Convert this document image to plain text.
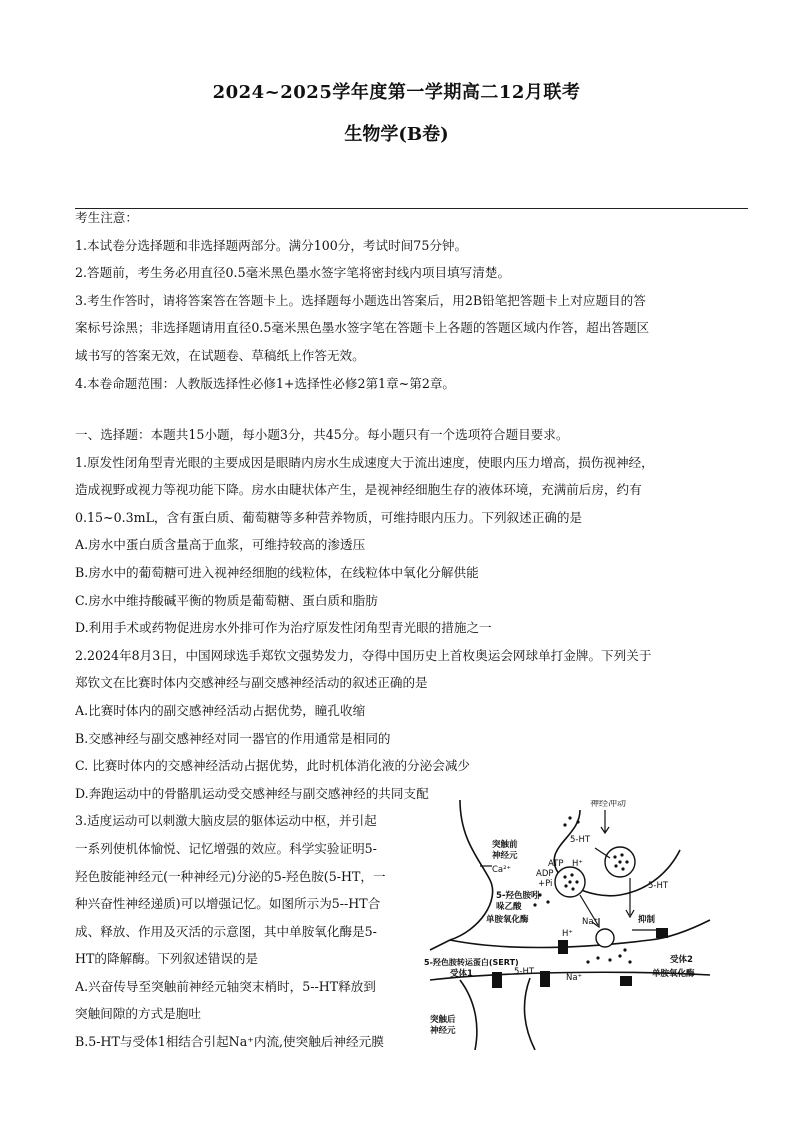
2024~2025学年度第一学期高二12月联考
生物学(B卷)
考生注意：
1.本试卷分选择题和非选择题两部分。满分100分，考试时间75分钟。
2.答题前，考生务必用直径0.5毫米黑色墨水签字笔将密封线内项目填写清楚。
3.考生作答时，请将答案答在答题卡上。选择题每小题选出答案后，用2B铅笔把答题卡上对应题目的答
案标号涂黑；非选择题请用直径0.5毫米黑色墨水签字笔在答题卡上各题的答题区域内作答，超出答题区
域书写的答案无效，在试题卷、草稿纸上作答无效。
4.本卷命题范围：人教版选择性必修1+选择性必修2第1章~第2章。
一、选择题：本题共15小题，每小题3分，共45分。每小题只有一个选项符合题目要求。
1.原发性闭角型青光眼的主要成因是眼睛内房水生成速度大于流出速度，使眼内压力增高，损伤视神经，
造成视野或视力等视功能下降。房水由睫状体产生，是视神经细胞生存的液体环境，充满前后房，约有
0.15~0.3mL，含有蛋白质、葡萄糖等多种营养物质，可维持眼内压力。下列叙述正确的是
A.房水中蛋白质含量高于血浆，可维持较高的渗透压
B.房水中的葡萄糖可进入视神经细胞的线粒体，在线粒体中氧化分解供能
C.房水中维持酸碱平衡的物质是葡萄糖、蛋白质和脂肪
D.利用手术或药物促进房水外排可作为治疗原发性闭角型青光眼的措施之一
2.2024年8月3日，中国网球选手郑钦文强势发力，夺得中国历史上首枚奥运会网球单打金牌。下列关于
郑钦文在比赛时体内交感神经与副交感神经活动的叙述正确的是
A.比赛时体内的副交感神经活动占据优势，瞳孔收缩
B.交感神经与副交感神经对同一器官的作用通常是相同的
C. 比赛时体内的交感神经活动占据优势，此时机体消化液的分泌会减少
D.奔跑运动中的骨骼肌运动受交感神经与副交感神经的共同支配
3.适度运动可以刺激大脑皮层的躯体运动中枢，并引起
一系列使机体愉悦、记忆增强的效应。科学实验证明5-
羟色胺能神经元(一种神经元)分泌的5-羟色胺(5-HT，一
种兴奋性神经递质)可以增强记忆。如图所示为5--HT合
成、释放、作用及灭活的示意图，其中单胺氧化酶是5-
HT的降解酶。下列叙述错误的是
A.兴奋传导至突触前神经元轴突末梢时，5--HT释放到
突触间隙的方式是胞吐
B.5-HT与受体1相结合引起Na⁺内流,使突触后神经元膜
神经冲动
突触前
神经元
5-HT
Ca²⁺
ATP H⁺
ADP
+Pi	5-HT
5-羟色胺吲
哚乙酸
单胺氧化酶	抑制
Na⁺
H⁺
5-羟色胺转运蛋白(SERT)	受体2
受体1	5-HT
Na⁺	单胺氧化酶
突触后
神经元
